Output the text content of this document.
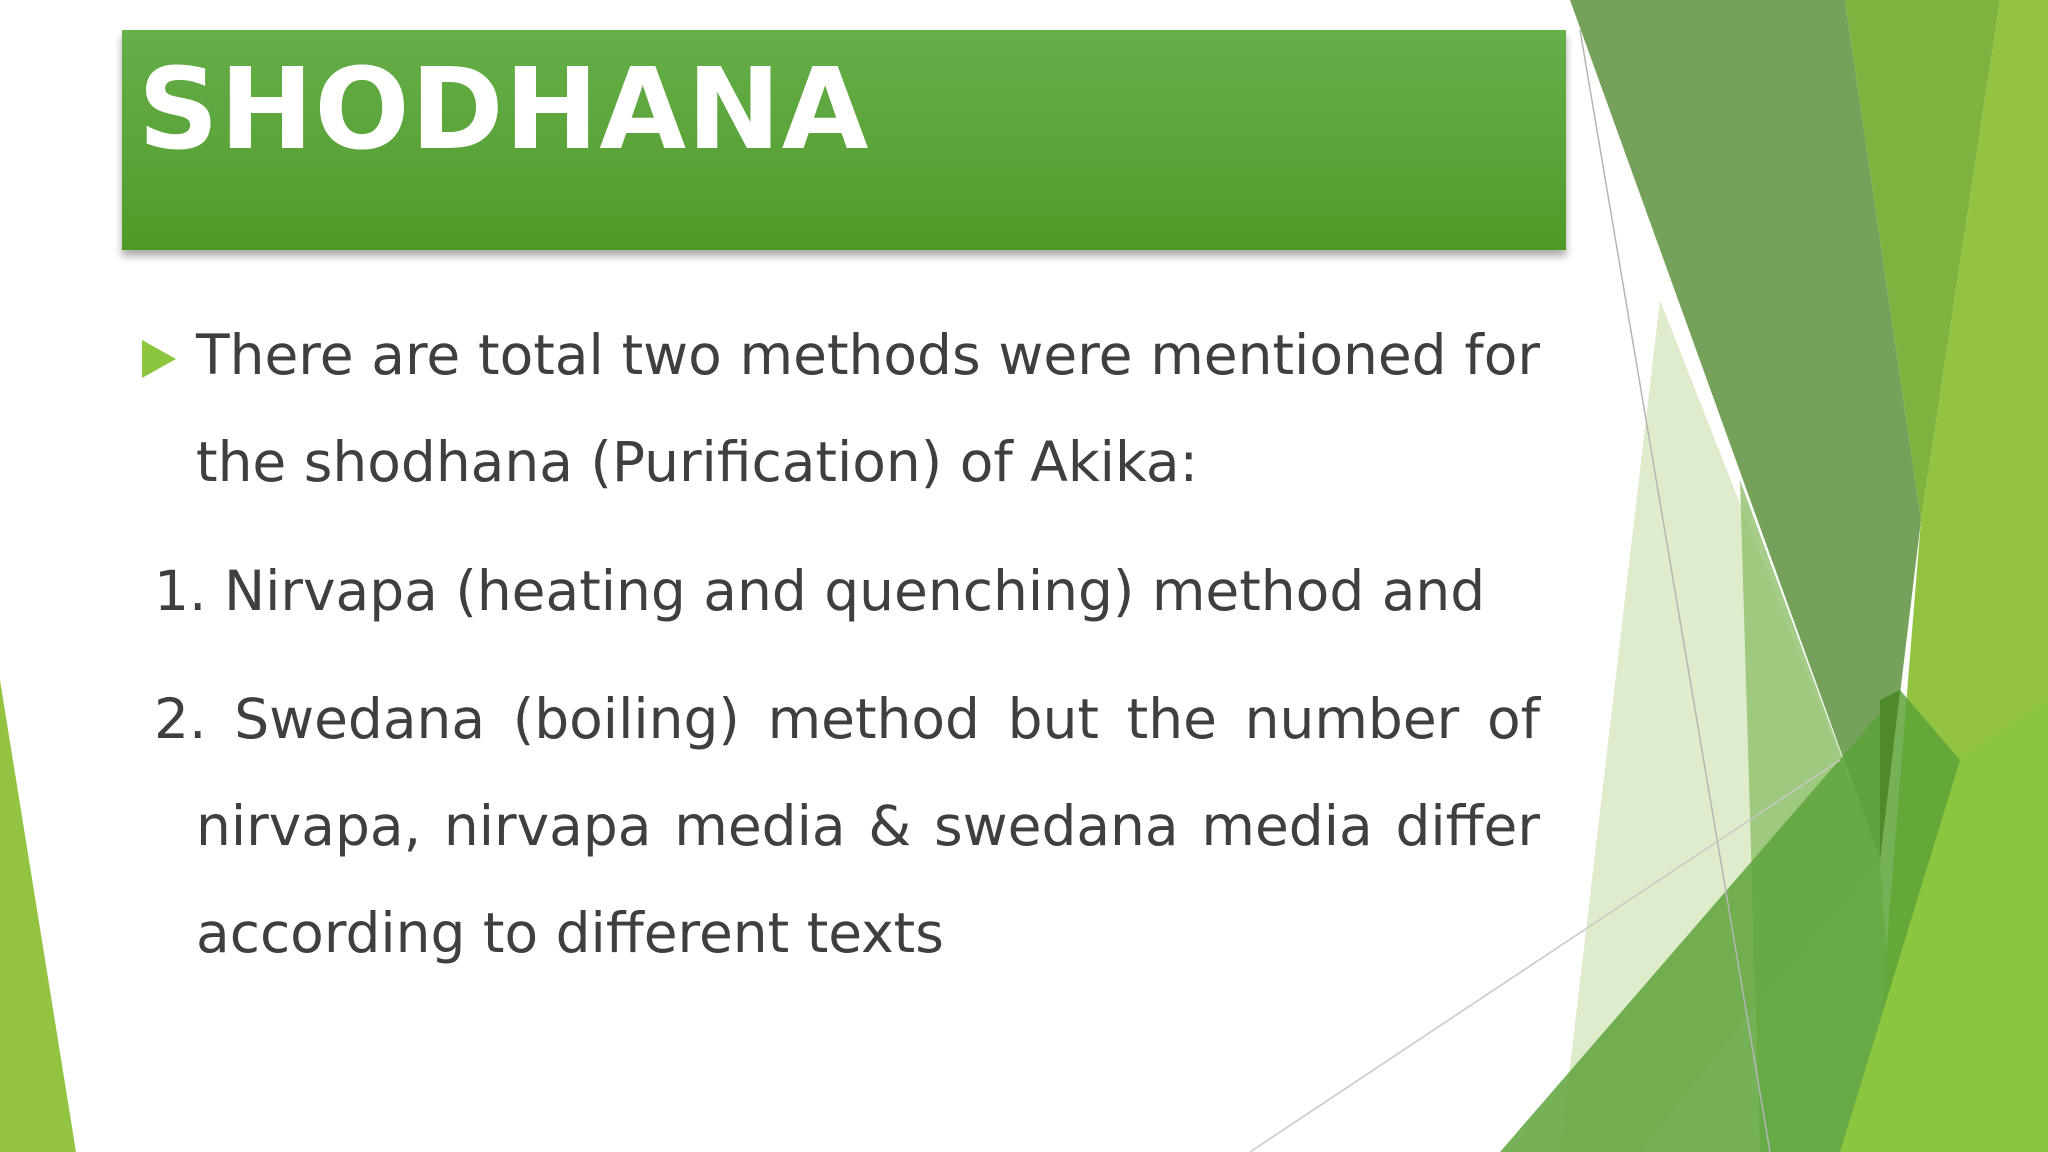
SHODHANA
There are total two methods were mentioned for the shodhana (Purification) of Akika:
1. Nirvapa (heating and quenching) method and
2. Swedana (boiling) method but the number of
nirvapa, nirvapa media & swedana media differ
according to different texts
